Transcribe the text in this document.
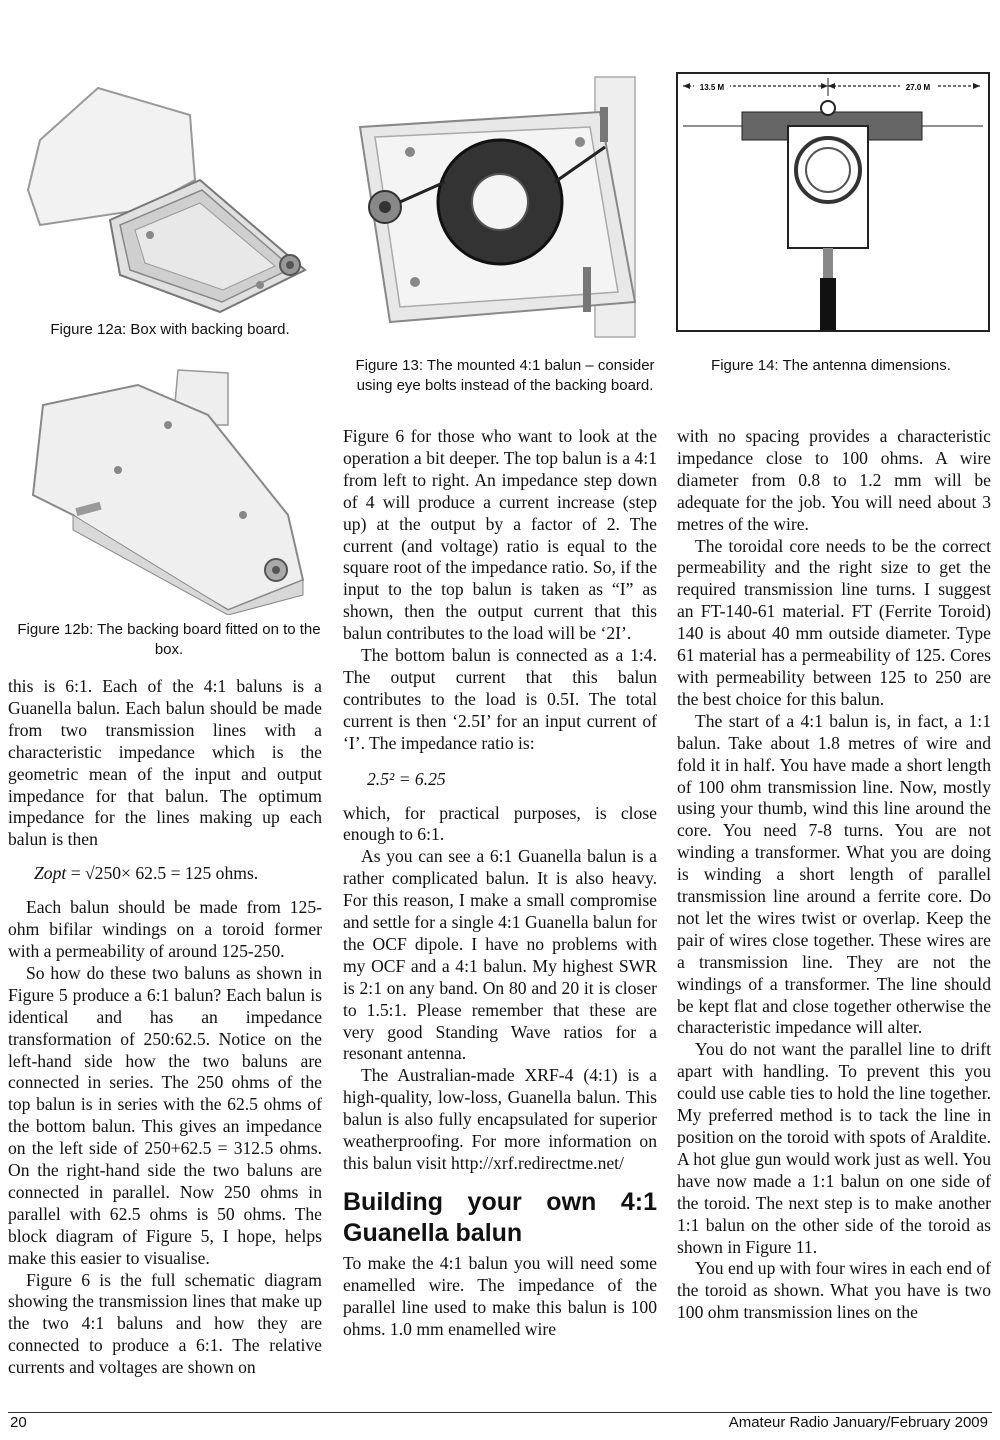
Figure 12a: Box with backing board.
Figure 12b: The backing board fitted on to the box.
Figure 13: The mounted 4:1 balun – consider using eye bolts instead of the backing board.
13.5 M	27.0 M
Figure 14: The antenna dimensions.

this is 6:1. Each of the 4:1 baluns is a Guanella balun. Each balun should be made from two transmission lines with a characteristic impedance which is the geometric mean of the input and output impedance for that balun. The optimum impedance for the lines making up each balun is then

Zopt = √250× 62.5 = 125 ohms.

Each balun should be made from 125-ohm bifilar windings on a toroid former with a permeability of around 125-250.

So how do these two baluns as shown in Figure 5 produce a 6:1 balun? Each balun is identical and has an impedance transformation of 250:62.5. Notice on the left-hand side how the two baluns are connected in series. The 250 ohms of the top balun is in series with the 62.5 ohms of the bottom balun. This gives an impedance on the left side of 250+62.5 = 312.5 ohms. On the right-hand side the two baluns are connected in parallel. Now 250 ohms in parallel with 62.5 ohms is 50 ohms. The block diagram of Figure 5, I hope, helps make this easier to visualise.

Figure 6 is the full schematic diagram showing the transmission lines that make up the two 4:1 baluns and how they are connected to produce a 6:1. The relative currents and voltages are shown on

Figure 6 for those who want to look at the operation a bit deeper. The top balun is a 4:1 from left to right. An impedance step down of 4 will produce a current increase (step up) at the output by a factor of 2. The current (and voltage) ratio is equal to the square root of the impedance ratio. So, if the input to the top balun is taken as “I” as shown, then the output current that this balun contributes to the load will be ‘2I’.

The bottom balun is connected as a 1:4. The output current that this balun contributes to the load is 0.5I. The total current is then ‘2.5I’ for an input current of ‘I’. The impedance ratio is:

2.5² = 6.25

which, for practical purposes, is close enough to 6:1.

As you can see a 6:1 Guanella balun is a rather complicated balun. It is also heavy. For this reason, I make a small compromise and settle for a single 4:1 Guanella balun for the OCF dipole. I have no problems with my OCF and a 4:1 balun. My highest SWR is 2:1 on any band. On 80 and 20 it is closer to 1.5:1. Please remember that these are very good Standing Wave ratios for a resonant antenna.

The Australian-made XRF-4 (4:1) is a high-quality, low-loss, Guanella balun. This balun is also fully encapsulated for superior weatherproofing. For more information on this balun visit http://xrf.redirectme.net/

Building your own 4:1 Guanella balun

To make the 4:1 balun you will need some enamelled wire. The impedance of the parallel line used to make this balun is 100 ohms. 1.0 mm enamelled wire

with no spacing provides a characteristic impedance close to 100 ohms. A wire diameter from 0.8 to 1.2 mm will be adequate for the job. You will need about 3 metres of the wire.

The toroidal core needs to be the correct permeability and the right size to get the required transmission line turns. I suggest an FT-140-61 material. FT (Ferrite Toroid) 140 is about 40 mm outside diameter. Type 61 material has a permeability of 125. Cores with permeability between 125 to 250 are the best choice for this balun.

The start of a 4:1 balun is, in fact, a 1:1 balun. Take about 1.8 metres of wire and fold it in half. You have made a short length of 100 ohm transmission line. Now, mostly using your thumb, wind this line around the core. You need 7-8 turns. You are not winding a transformer. What you are doing is winding a short length of parallel transmission line around a ferrite core. Do not let the wires twist or overlap. Keep the pair of wires close together. These wires are a transmission line. They are not the windings of a transformer. The line should be kept flat and close together otherwise the characteristic impedance will alter.

You do not want the parallel line to drift apart with handling. To prevent this you could use cable ties to hold the line together. My preferred method is to tack the line in position on the toroid with spots of Araldite. A hot glue gun would work just as well. You have now made a 1:1 balun on one side of the toroid. The next step is to make another 1:1 balun on the other side of the toroid as shown in Figure 11.

You end up with four wires in each end of the toroid as shown. What you have is two 100 ohm transmission lines on the

20	Amateur Radio January/February 2009
